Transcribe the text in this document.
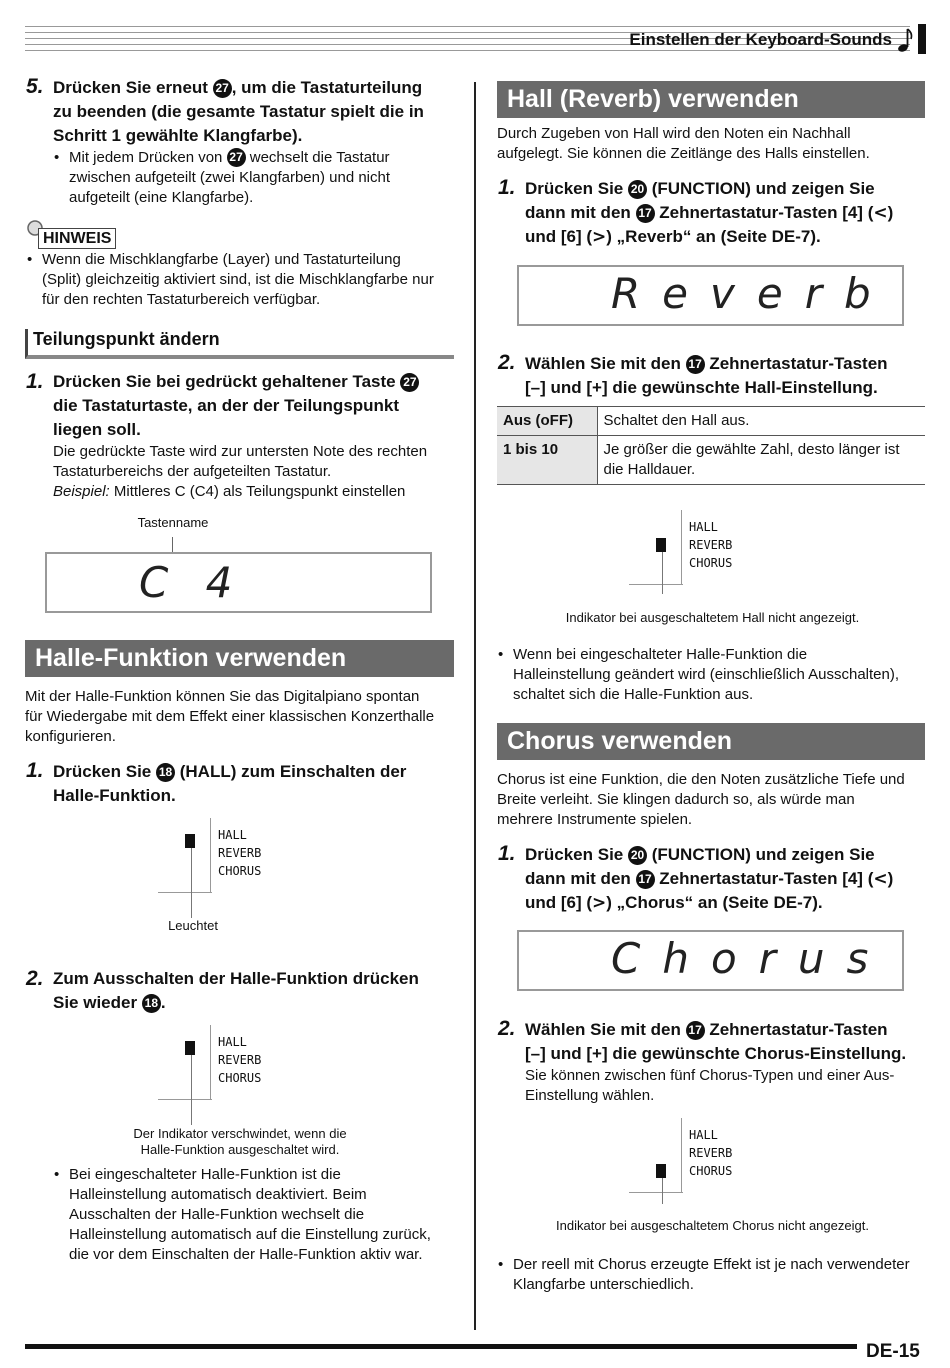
Einstellen der Keyboard-Sounds
5. Drücken Sie erneut 27 , um die Tastaturteilung
zu beenden (die gesamte Tastatur spielt die in
Schritt 1 gewählte Klangfarbe).
• Mit jedem Drücken von 27 wechselt die Tastatur
zwischen aufgeteilt (zwei Klangfarben) und nicht
aufgeteilt (eine Klangfarbe).
HINWEIS
• Wenn die Mischklangfarbe (Layer) und Tastaturteilung
(Split) gleichzeitig aktiviert sind, ist die Mischklangfarbe nur
für den rechten Tastaturbereich verfügbar.
Teilungspunkt ändern
1. Drücken Sie bei gedrückt gehaltener Taste 27
die Tastaturtaste, an der der Teilungspunkt
liegen soll.
Die gedrückte Taste wird zur untersten Note des rechten
Tastaturbereichs der aufgeteilten Tastatur.
Beispiel: Mittleres C (C4) als Teilungspunkt einstellen
Tastenname
C 4
Halle-Funktion verwenden
Mit der Halle-Funktion können Sie das Digitalpiano spontan
für Wiedergabe mit dem Effekt einer klassischen Konzerthalle
konfigurieren.
1. Drücken Sie 18 (HALL) zum Einschalten der
Halle-Funktion.
HALL
REVERB
CHORUS
Leuchtet
2. Zum Ausschalten der Halle-Funktion drücken
Sie wieder 18 .
HALL
REVERB
CHORUS
Der Indikator verschwindet, wenn die
Halle-Funktion ausgeschaltet wird.
• Bei eingeschalteter Halle-Funktion ist die
Halleinstellung automatisch deaktiviert. Beim
Ausschalten der Halle-Funktion wechselt die
Halleinstellung automatisch auf die Einstellung zurück,
die vor dem Einschalten der Halle-Funktion aktiv war.
Hall (Reverb) verwenden
Durch Zugeben von Hall wird den Noten ein Nachhall
aufgelegt. Sie können die Zeitlänge des Halls einstellen.
1. Drücken Sie 20 (FUNCTION) und zeigen Sie
dann mit den 17 Zehnertastatur-Tasten [4] (<)
und [6] (>) „Reverb“ an (Seite DE-7).
Reverb
2. Wählen Sie mit den 17 Zehnertastatur-Tasten
[–] und [+] die gewünschte Hall-Einstellung.
Aus (oFF)	Schaltet den Hall aus.
1 bis 10	Je größer die gewählte Zahl, desto länger ist
die Halldauer.
HALL
REVERB
CHORUS
Indikator bei ausgeschaltetem Hall nicht angezeigt.
• Wenn bei eingeschalteter Halle-Funktion die
Halleinstellung geändert wird (einschließlich Ausschalten),
schaltet sich die Halle-Funktion aus.
Chorus verwenden
Chorus ist eine Funktion, die den Noten zusätzliche Tiefe und
Breite verleiht. Sie klingen dadurch so, als würde man
mehrere Instrumente spielen.
1. Drücken Sie 20 (FUNCTION) und zeigen Sie
dann mit den 17 Zehnertastatur-Tasten [4] (<)
und [6] (>) „Chorus“ an (Seite DE-7).
Chorus
2. Wählen Sie mit den 17 Zehnertastatur-Tasten
[–] und [+] die gewünschte Chorus-Einstellung.
Sie können zwischen fünf Chorus-Typen und einer Aus-
Einstellung wählen.
HALL
REVERB
CHORUS
Indikator bei ausgeschaltetem Chorus nicht angezeigt.
• Der reell mit Chorus erzeugte Effekt ist je nach verwendeter
Klangfarbe unterschiedlich.
DE-15
